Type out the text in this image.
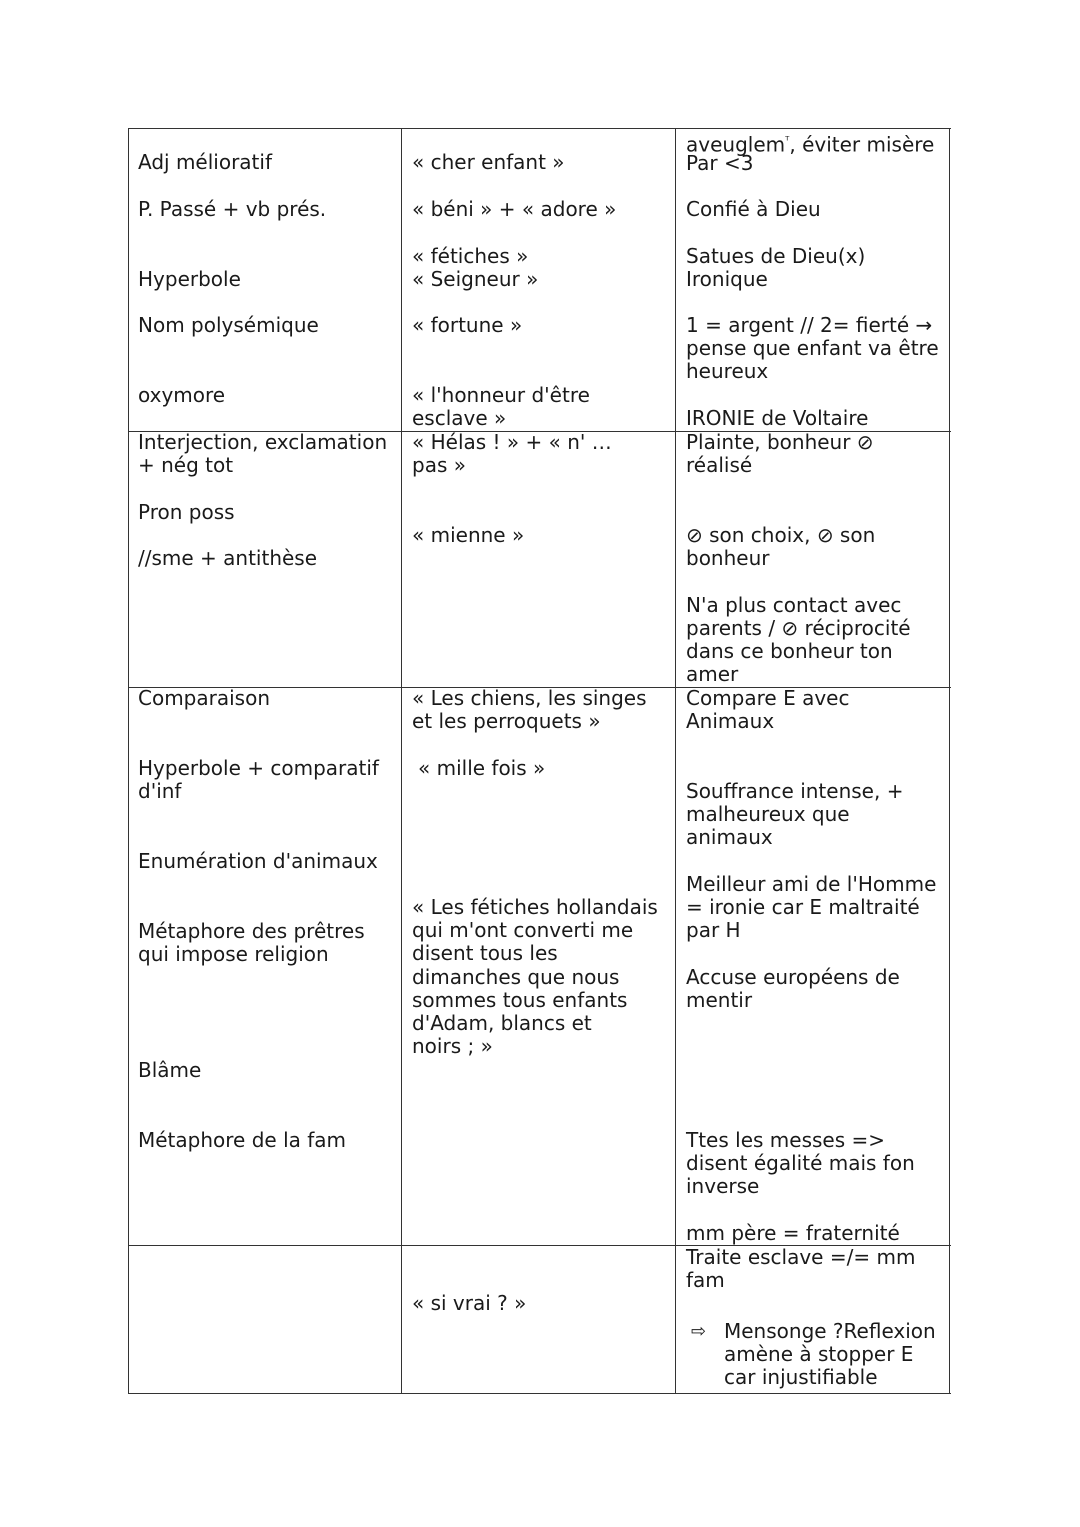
Adj mélioratif
P. Passé + vb prés.
Hyperbole
Nom polysémique
oxymore
« cher enfant »
« béni » + « adore »
« fétiches »
« Seigneur »
« fortune »
« l'honneur d'être
esclave »
aveuglem$^ᵀ$, éviter misère
Par <3
Confié à Dieu
Satues de Dieu(x)
Ironique
1 = argent // 2= fierté →
pense que enfant va être
heureux
IRONIE de Voltaire
Interjection, exclamation
+ nég tot
Pron poss
//sme + antithèse
« Hélas ! » + « n' …
pas »
« mienne »
Plainte, bonheur ⊘
réalisé
⊘ son choix, ⊘ son
bonheur
N'a plus contact avec
parents / ⊘ réciprocité
dans ce bonheur ton
amer
Comparaison
Hyperbole + comparatif
d'inf
Enumération d'animaux
Métaphore des prêtres
qui impose religion
Blâme
Métaphore de la fam
« Les chiens, les singes
et les perroquets »
« mille fois »
« Les fétiches hollandais
qui m'ont converti me
disent tous les
dimanches que nous
sommes tous enfants
d'Adam, blancs et
noirs ; »
Compare E avec
Animaux
Souffrance intense, +
malheureux que
animaux
Meilleur ami de l'Homme
= ironie car E maltraité
par H
Accuse européens de
mentir
Ttes les messes =>
disent égalité mais fon
inverse
mm père = fraternité
« si vrai ? »
Traite esclave =/= mm
fam
⇨ Mensonge ?Reflexion
amène à stopper E
car injustifiable
